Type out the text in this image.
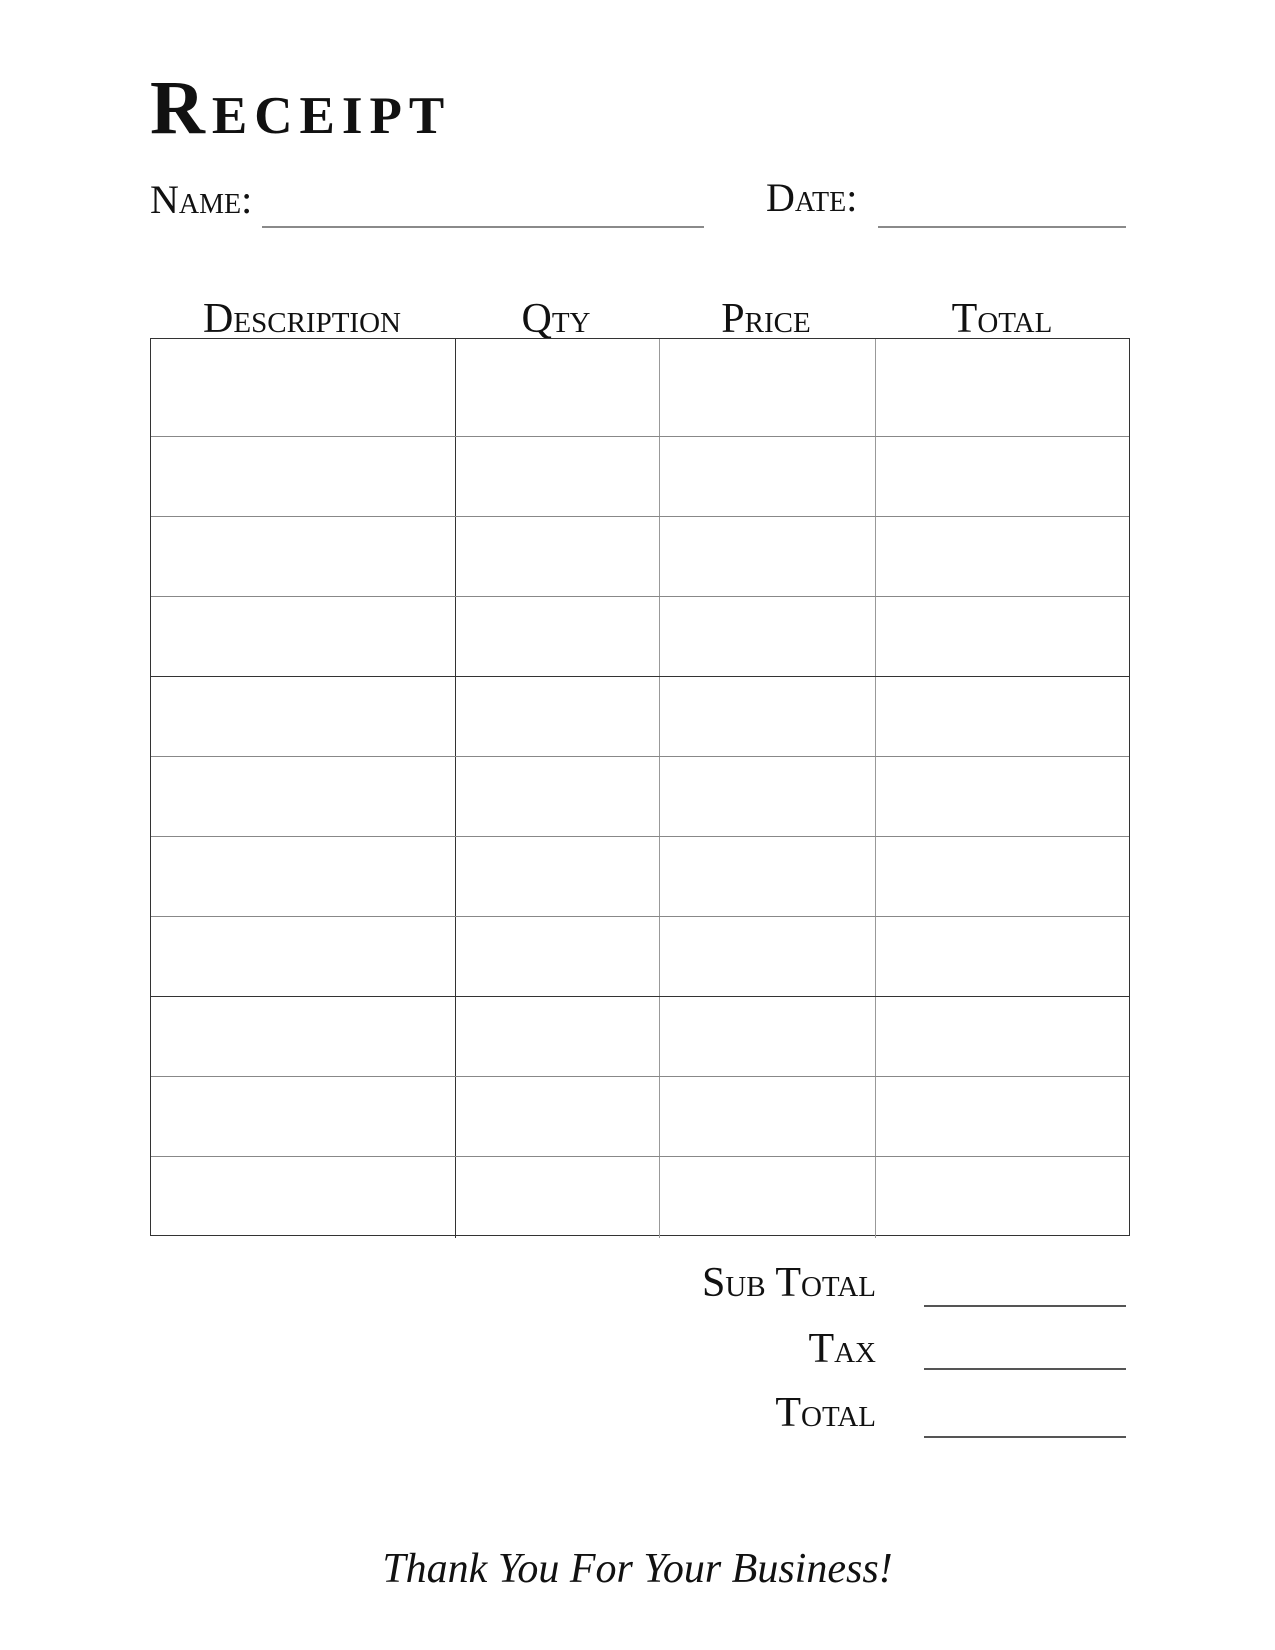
Receipt
Name:	Date:
Description	Qty	Price	Total
Sub Total
Tax
Total
Thank You For Your Business!
